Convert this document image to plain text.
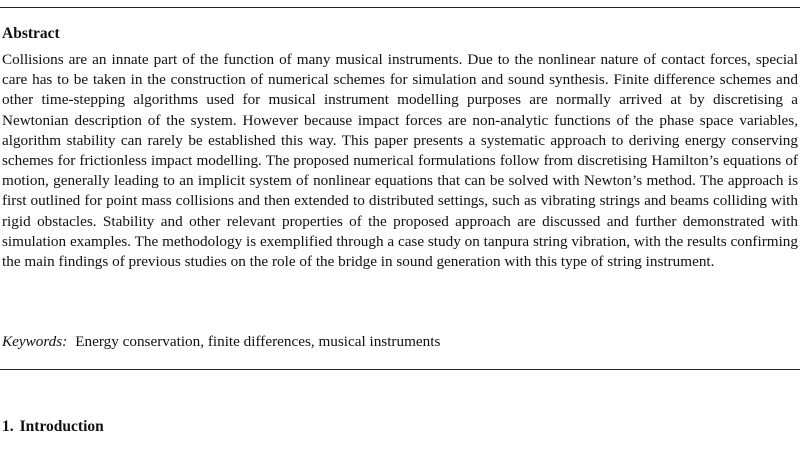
Abstract

Collisions are an innate part of the function of many musical instruments. Due to the nonlinear nature of contact forces, special care has to be taken in the construction of numerical schemes for simulation and sound synthesis. Finite difference schemes and other time-stepping algorithms used for musical instrument modelling purposes are normally arrived at by discretising a Newtonian description of the system. However because impact forces are non-analytic functions of the phase space variables, algorithm stability can rarely be established this way. This paper presents a systematic approach to deriving energy conserving schemes for frictionless impact modelling. The proposed numerical formulations follow from discretising Hamilton’s equations of motion, generally leading to an implicit system of nonlinear equations that can be solved with Newton’s method. The approach is first outlined for point mass collisions and then extended to distributed settings, such as vibrating strings and beams colliding with rigid obstacles. Stability and other relevant properties of the proposed approach are discussed and further demonstrated with simulation examples. The methodology is exemplified through a case study on tanpura string vibration, with the results confirming the main findings of previous studies on the role of the bridge in sound generation with this type of string instrument.

Keywords: Energy conservation, finite differences, musical instruments

1. Introduction
